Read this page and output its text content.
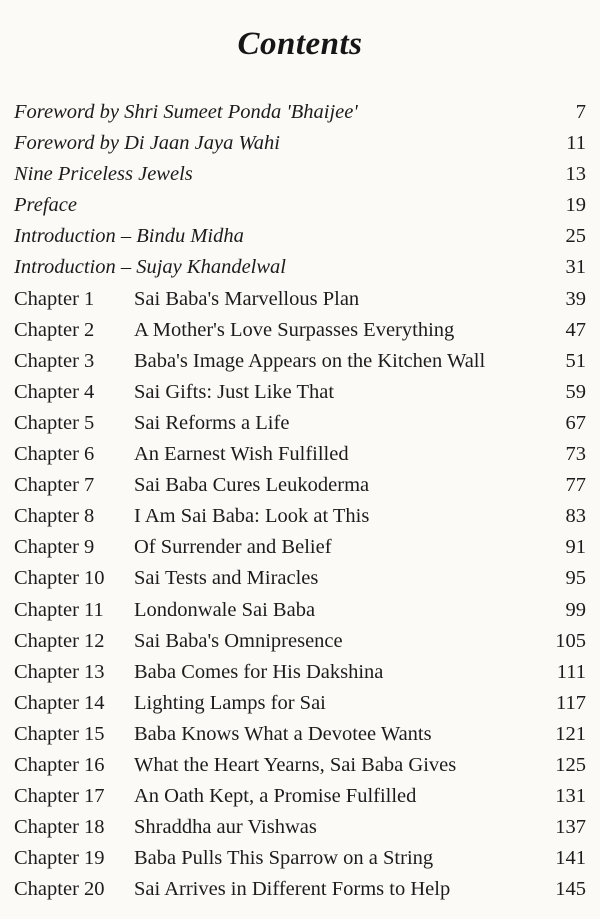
Contents
Foreword by Shri Sumeet Ponda 'Bhaijee'	7
Foreword by Di Jaan Jaya Wahi	11
Nine Priceless Jewels	13
Preface	19
Introduction – Bindu Midha	25
Introduction – Sujay Khandelwal	31
Chapter 1 Sai Baba's Marvellous Plan	39
Chapter 2 A Mother's Love Surpasses Everything	47
Chapter 3 Baba's Image Appears on the Kitchen Wall	51
Chapter 4 Sai Gifts: Just Like That	59
Chapter 5 Sai Reforms a Life	67
Chapter 6 An Earnest Wish Fulfilled	73
Chapter 7 Sai Baba Cures Leukoderma	77
Chapter 8 I Am Sai Baba: Look at This	83
Chapter 9 Of Surrender and Belief	91
Chapter 10 Sai Tests and Miracles	95
Chapter 11 Londonwale Sai Baba	99
Chapter 12 Sai Baba's Omnipresence	105
Chapter 13 Baba Comes for His Dakshina	111
Chapter 14 Lighting Lamps for Sai	117
Chapter 15 Baba Knows What a Devotee Wants	121
Chapter 16 What the Heart Yearns, Sai Baba Gives	125
Chapter 17 An Oath Kept, a Promise Fulfilled	131
Chapter 18 Shraddha aur Vishwas	137
Chapter 19 Baba Pulls This Sparrow on a String	141
Chapter 20 Sai Arrives in Different Forms to Help	145
